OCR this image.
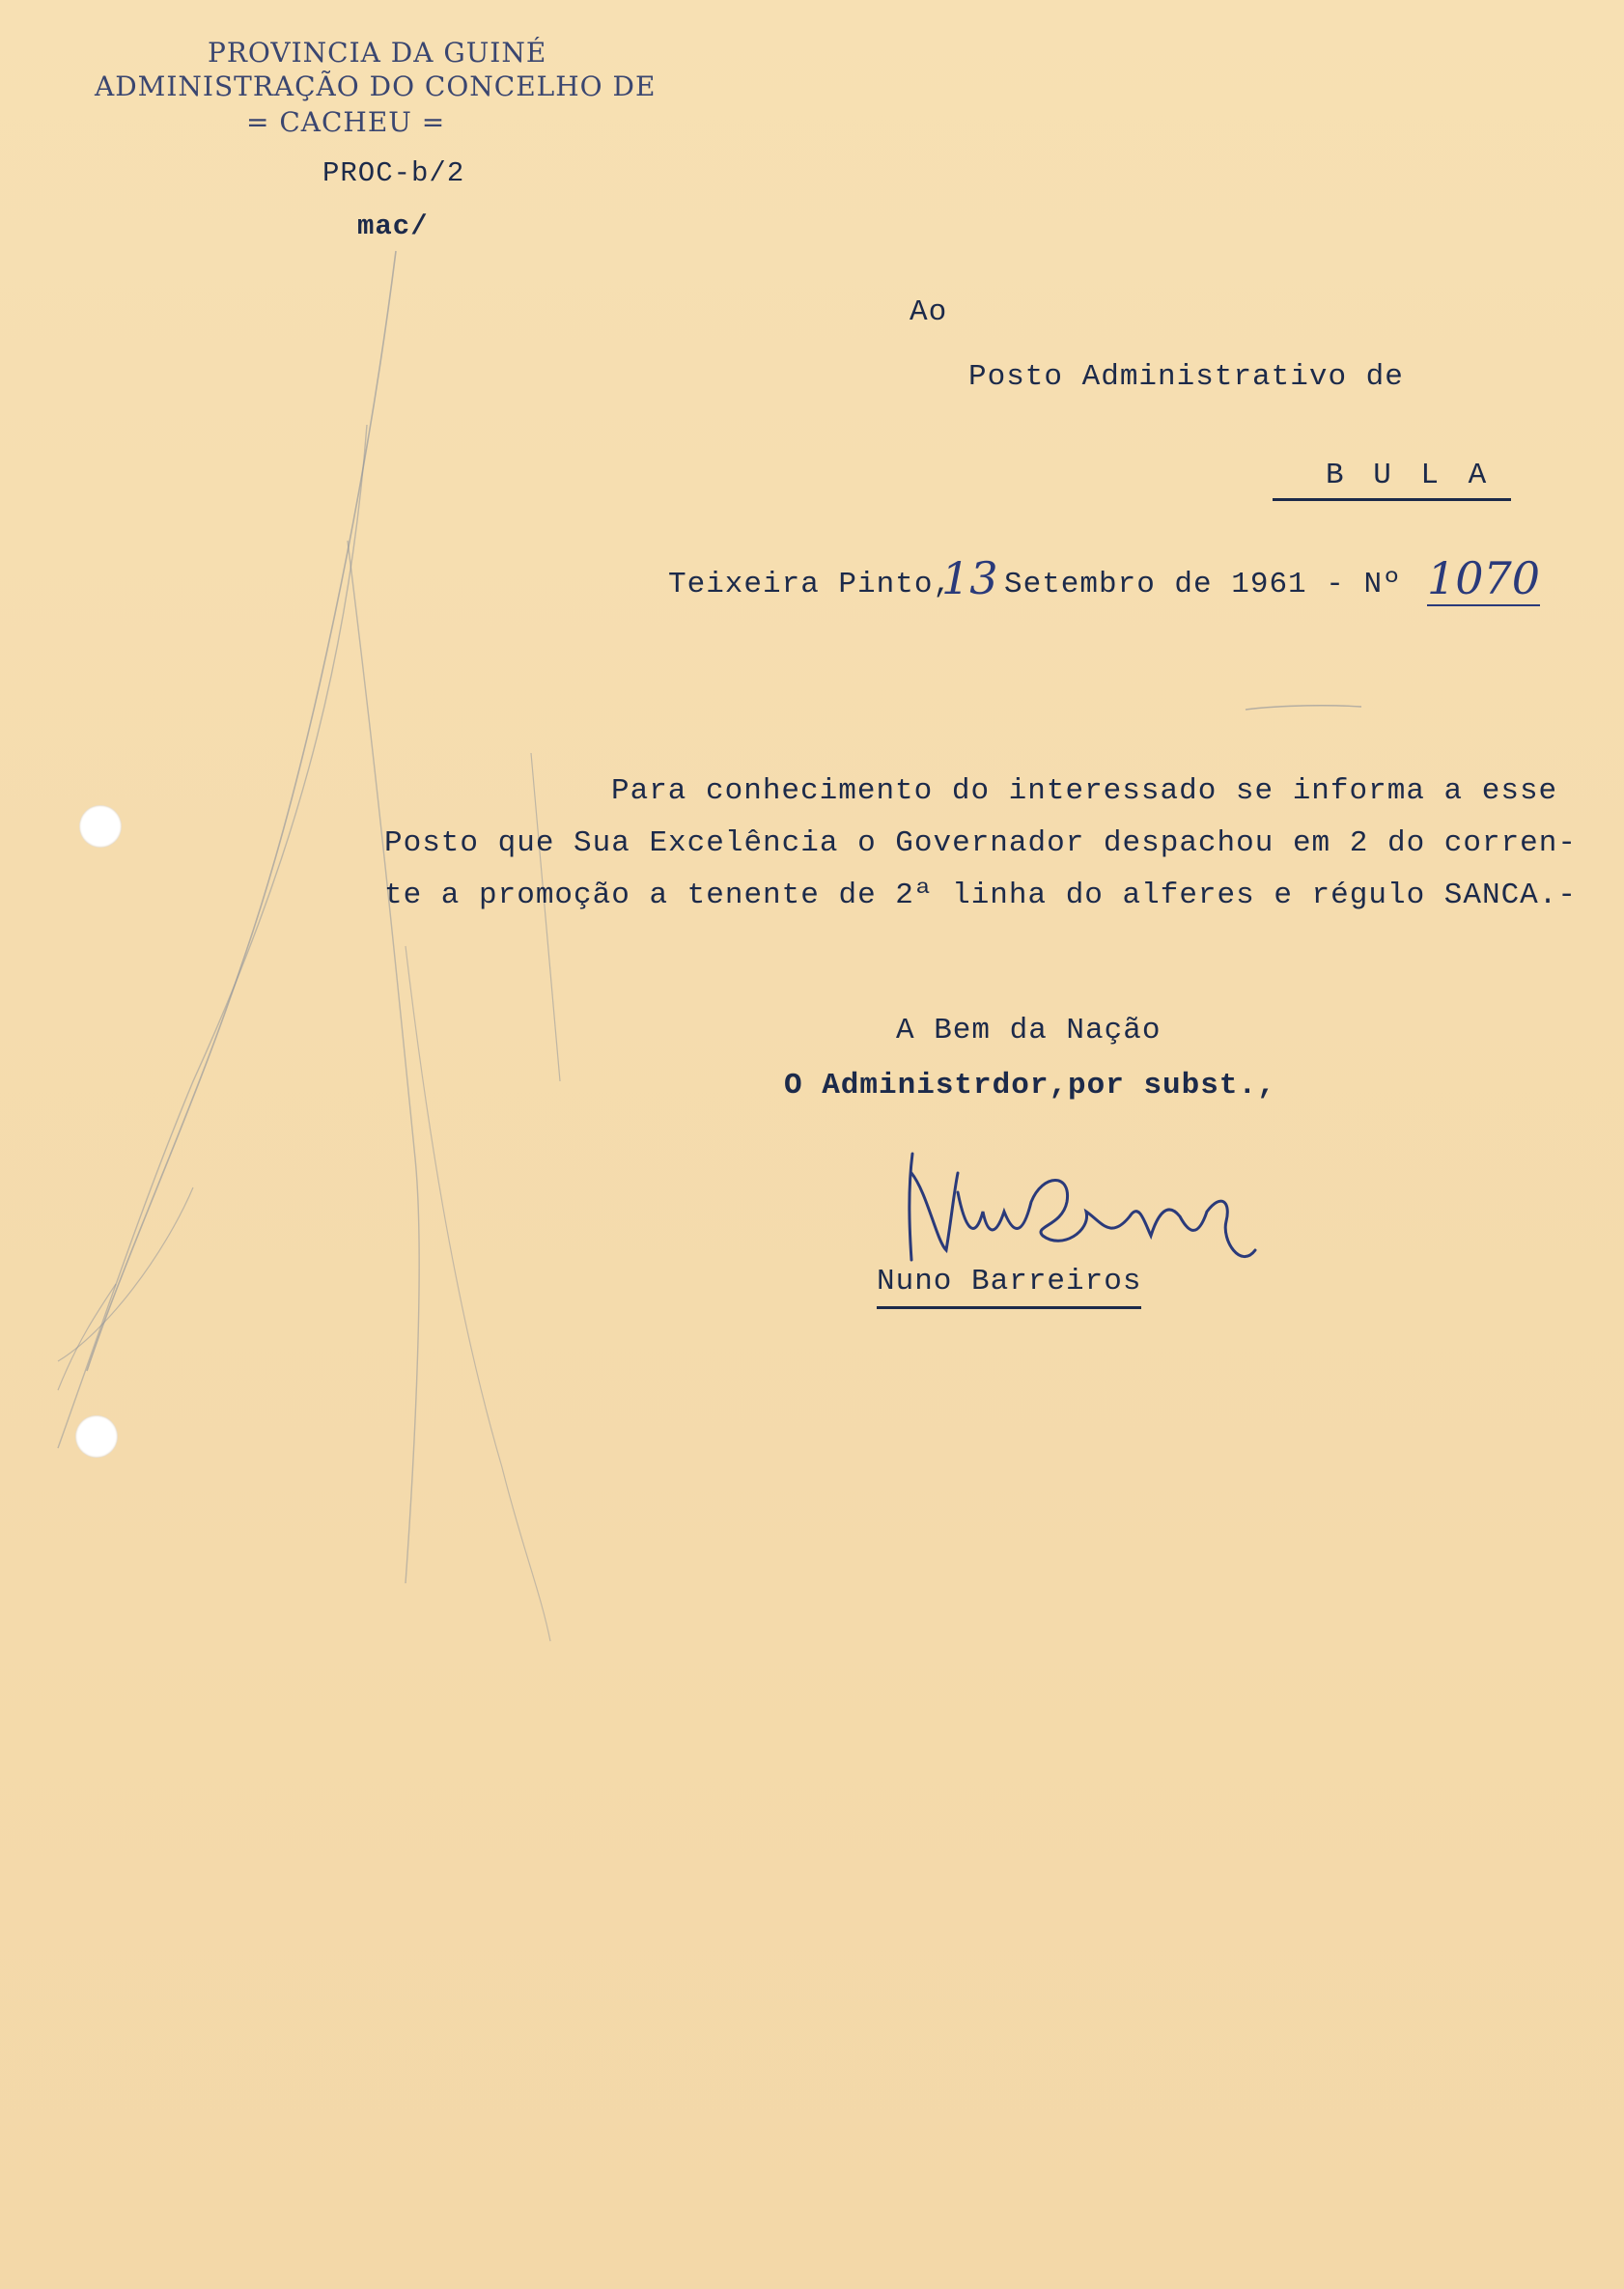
PROVINCIA DA GUINÉ
ADMINISTRAÇÃO DO CONCELHO DE
= CACHEU =
PROC-b/2
mac/
Ao
Posto Administrativo de
B U L A
Teixeira Pinto,
13 Setembro de 1961 - Nº 1070
Para conhecimento do interessado se informa a esse
Posto que Sua Excelência o Governador despachou em 2 do corren-
te a promoção a tenente de 2ª linha do alferes e régulo SANCA.-
A Bem da Nação
O Administrdor,por subst.,
Nuno Barreiros
